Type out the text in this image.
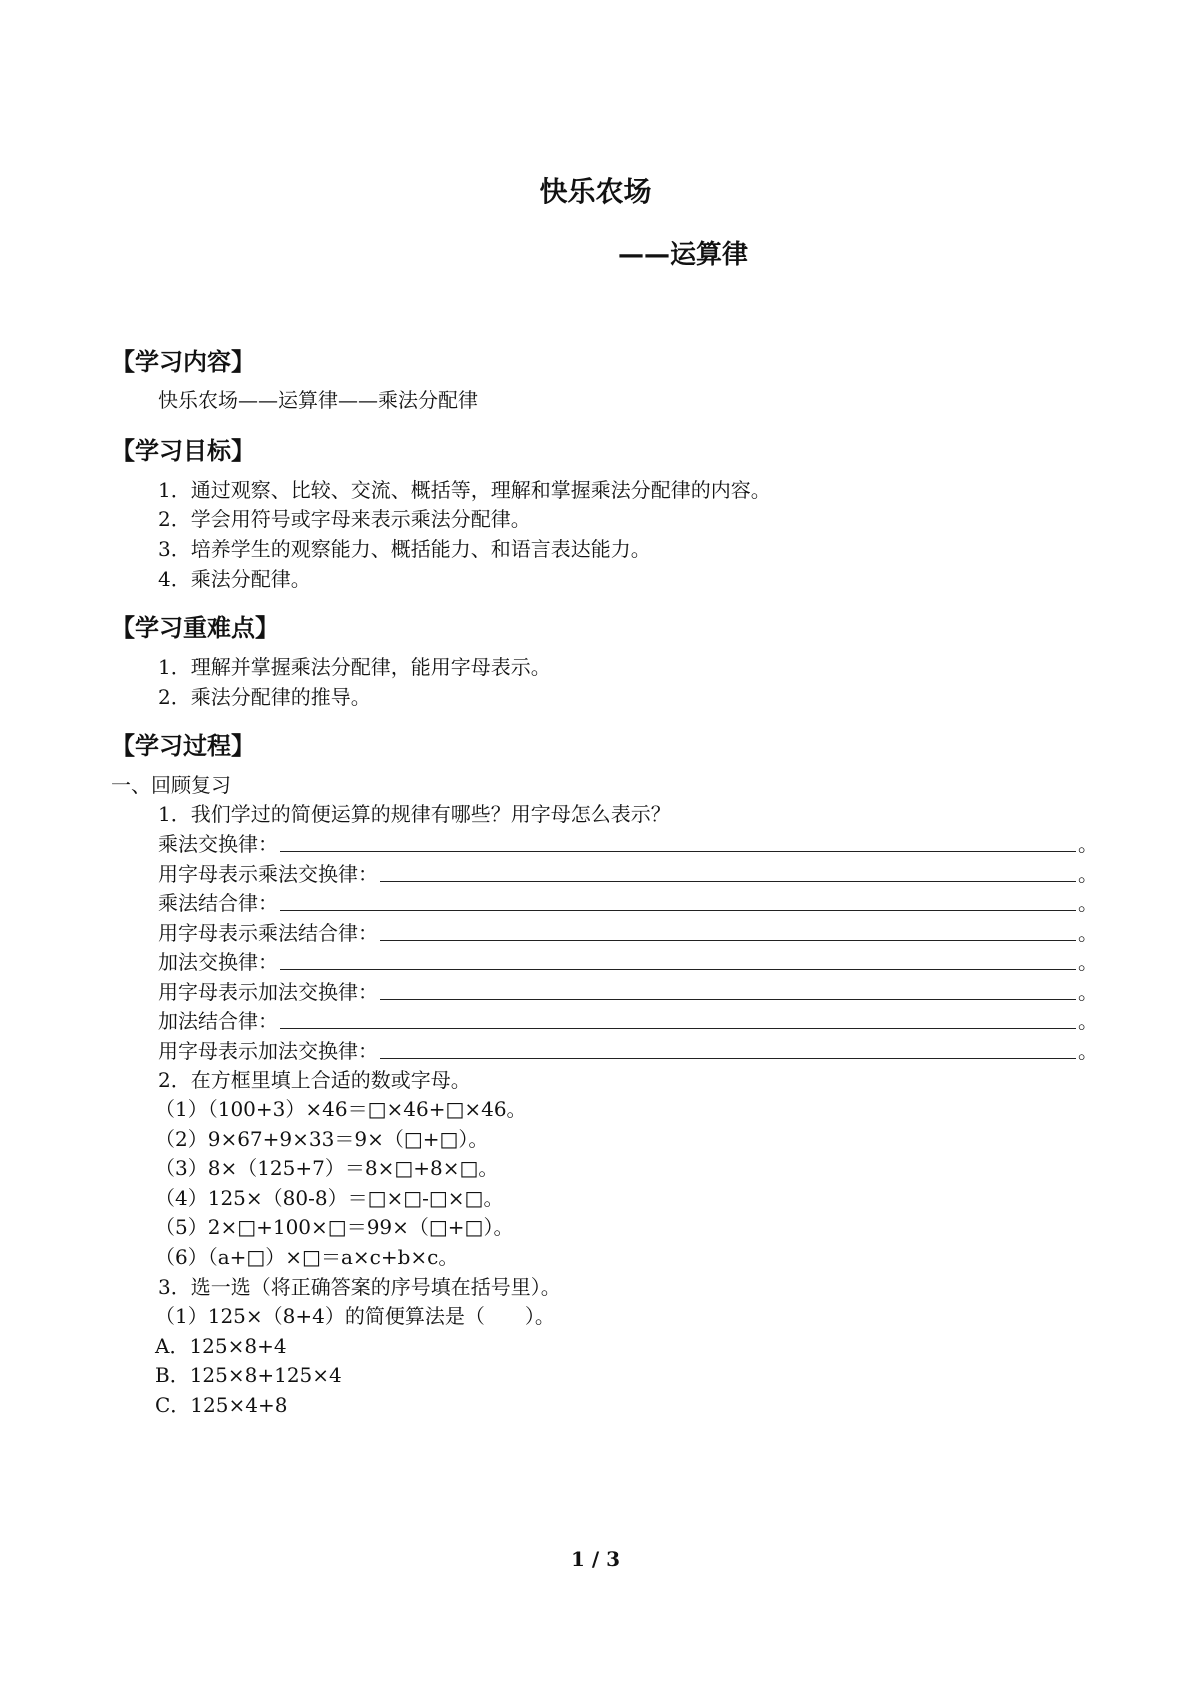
快乐农场
——运算律
【学习内容】
快乐农场——运算律——乘法分配律
【学习目标】
1．通过观察、比较、交流、概括等，理解和掌握乘法分配律的内容。
2．学会用符号或字母来表示乘法分配律。
3．培养学生的观察能力、概括能力、和语言表达能力。
4．乘法分配律。
【学习重难点】
1．理解并掌握乘法分配律，能用字母表示。
2．乘法分配律的推导。
【学习过程】
一、回顾复习
1．我们学过的简便运算的规律有哪些？用字母怎么表示？
乘法交换律：	。
用字母表示乘法交换律：	。
乘法结合律：	。
用字母表示乘法结合律：	。
加法交换律：	。
用字母表示加法交换律：	。
加法结合律：	。
用字母表示加法交换律：	。
2．在方框里填上合适的数或字母。
（1）（100+3）×46＝□×46+□×46。
（2）9×67+9×33＝9×（□+□）。
（3）8×（125+7）＝8×□+8×□。
（4）125×（80-8）＝□×□-□×□。
（5）2×□+100×□＝99×（□+□）。
（6）（a+□）×□＝a×c+b×c。
3．选一选（将正确答案的序号填在括号里）。
（1）125×（8+4）的简便算法是（　　）。
A．125×8+4
B．125×8+125×4
C．125×4+8
1 / 3
